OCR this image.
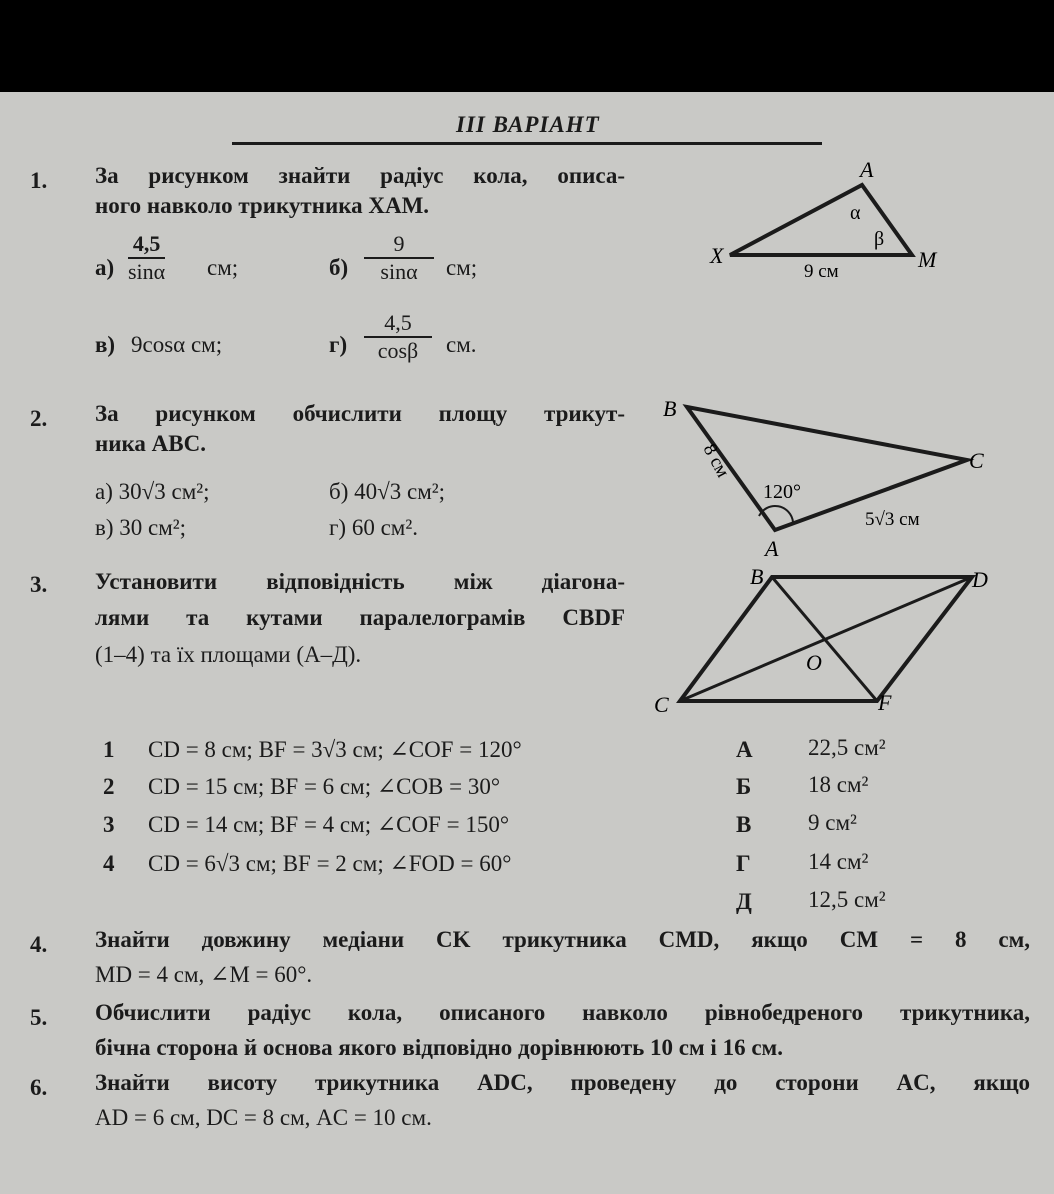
III ВАРІАНТ
1. За рисунком знайти радіус кола, описа-
ного навколо трикутника ХАМ.
$а) \frac{4,5}{\sin\alpha}$ см;	$б) \frac{9}{\sin\alpha}$ см;
в) 9cosα см;	$г) \frac{4,5}{\cos\beta}$ см.
A
X	M
α
β
9 см
2. За рисунком обчислити площу трикут-
ника ABC.
а) 30√3 см²;	б) 40√3 см²;
в) 30 см²;	г) 60 см².
B
C
A
120°
8 см
5√3 см
3. Установити відповідність між діагона-
лями та кутами паралелограмів CBDF
(1–4) та їх площами (А–Д).
B	D
C	F
O
1 CD = 8 см; BF = 3√3 см; ∠COF = 120°
2 CD = 15 см; BF = 6 см; ∠COB = 30°
3 CD = 14 см; BF = 4 см; ∠COF = 150°
4 CD = 6√3 см; BF = 2 см; ∠FOD = 60°
А 22,5 см²
Б 18 см²
В 9 см²
Г 14 см²
Д 12,5 см²
4. Знайти довжину медіани CK трикутника CMD, якщо CM = 8 см,
MD = 4 см, ∠M = 60°.
5. Обчислити радіус кола, описаного навколо рівнобедреного трикутника,
бічна сторона й основа якого відповідно дорівнюють 10 см і 16 см.
6. Знайти висоту трикутника ADC, проведену до сторони AC, якщо
AD = 6 см, DC = 8 см, AC = 10 см.
